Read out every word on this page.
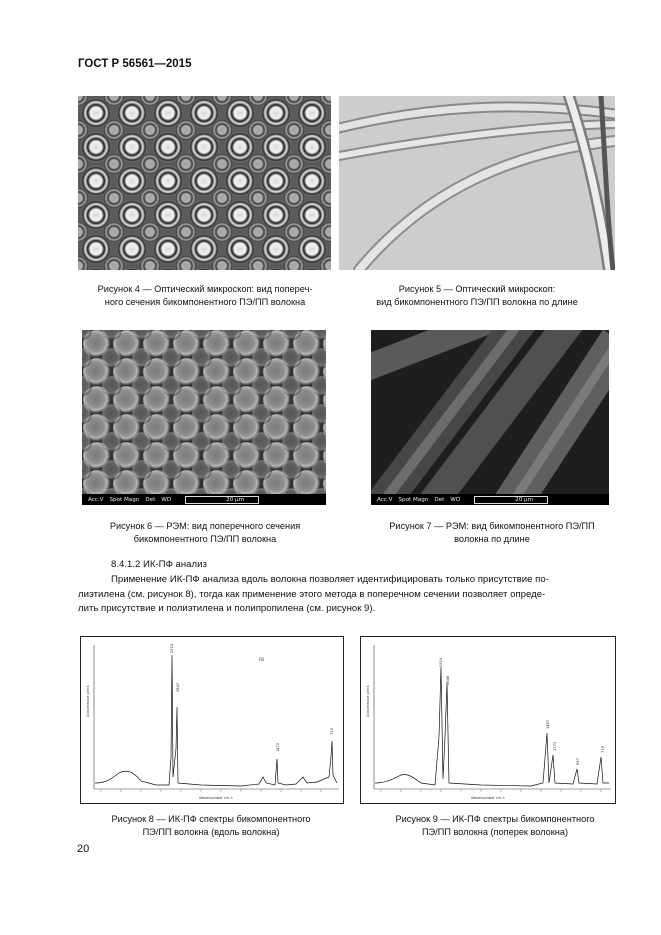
ГОСТ Р 56561—2015
Рисунок 4 — Оптический микроскоп: вид попереч-
ного сечения бикомпонентного ПЭ/ПП волокна
Рисунок 5 — Оптический микроскоп:
вид бикомпонентного ПЭ/ПП волокна по длине
Acc.V Spot Magn Det WD	20 μm	Acc.V Spot Magn Det WD	20 μm
Рисунок 6 — РЭМ: вид поперечного сечения
бикомпонентного ПЭ/ПП волокна
Рисунок 7 — РЭМ: вид бикомпонентного ПЭ/ПП
волокна по длине
8.4.1.2 ИК-ПФ анализ
Применение ИК-ПФ анализа вдоль волокна позволяет идентифицировать только присутствие по-
лиэтилена (см. рисунок 8), тогда как применение этого метода в поперечном сечении позволяет опреде-
лить присутствие и полиэтилена и полипропилена (см. рисунок 9).
FB
2914
2847
1472
719
Absorbance Units
Wavenumber cm-1
2916
2848
1457
1373
997
719
Absorbance Units
Wavenumber cm-1
Рисунок 8 — ИК-ПФ спектры бикомпонентного
ПЭ/ПП волокна (вдоль волокна)
Рисунок 9 — ИК-ПФ спектры бикомпонентного
ПЭ/ПП волокна (поперек волокна)
20
